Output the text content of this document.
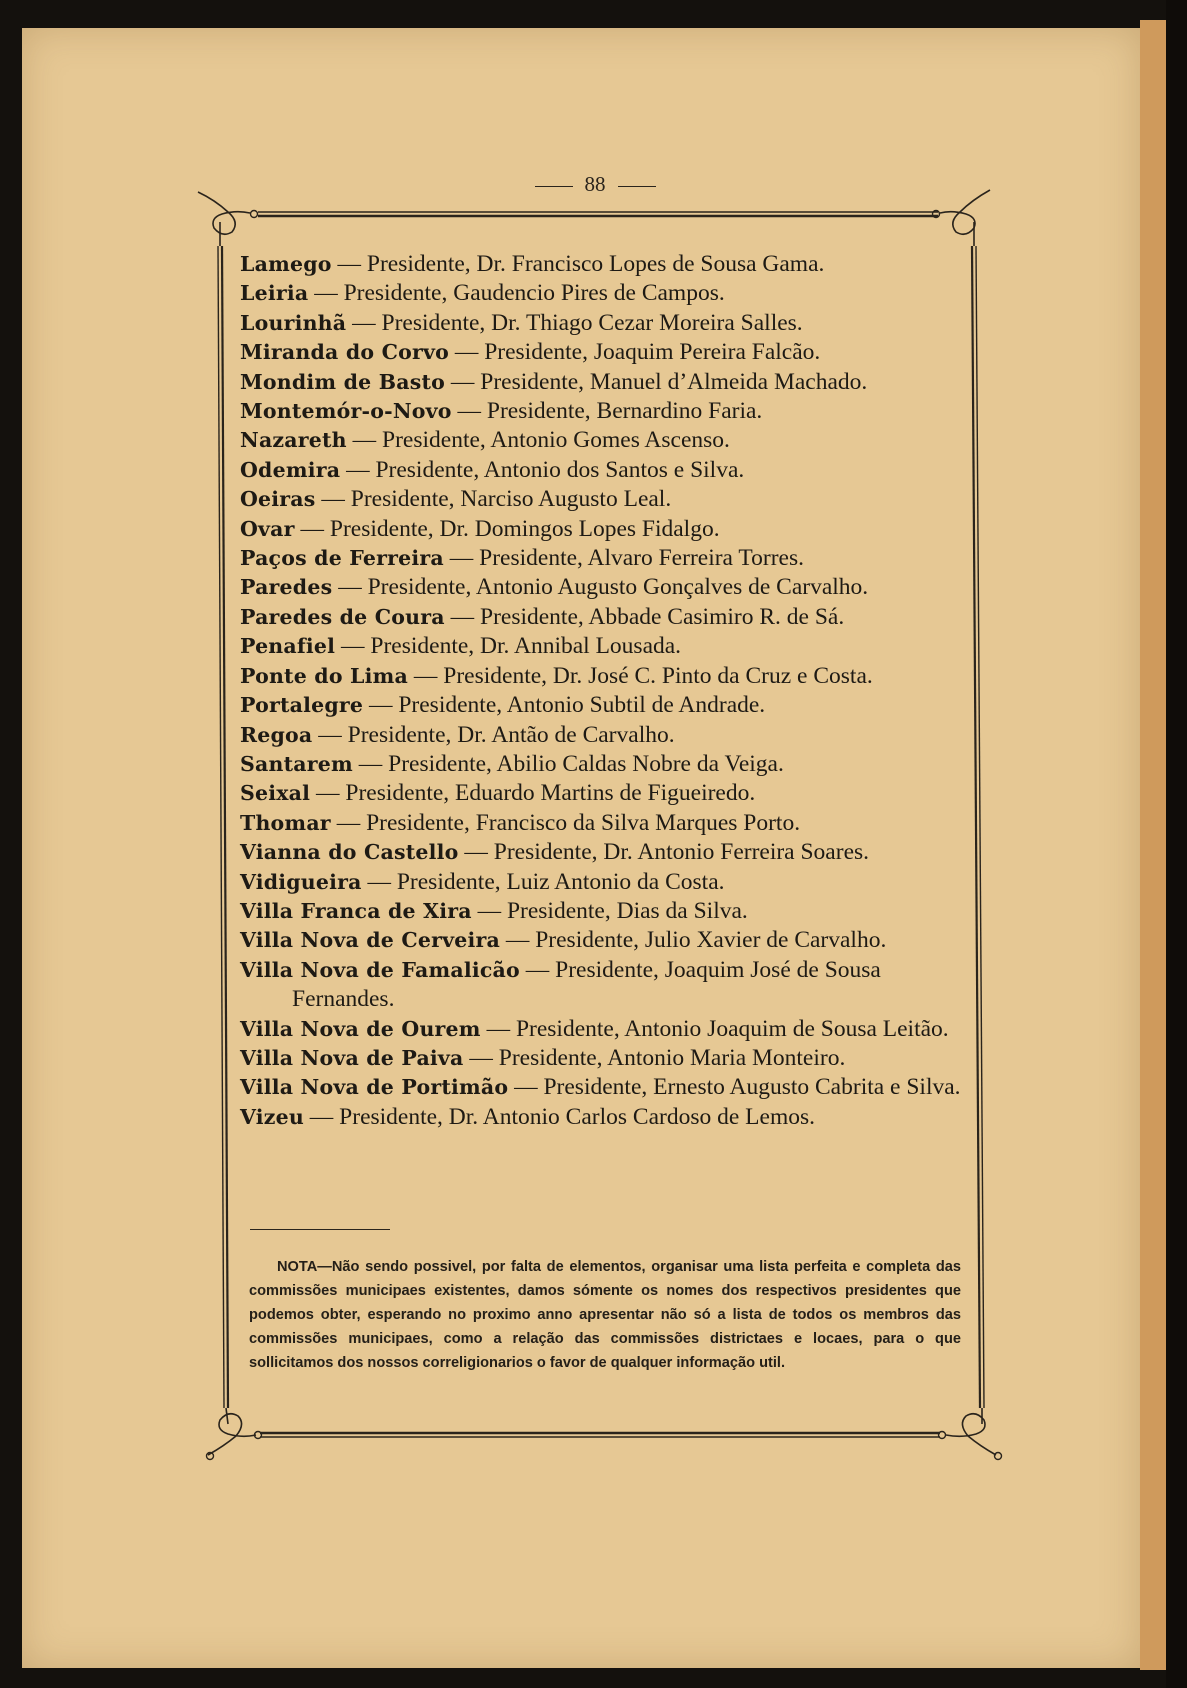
88
Lamego — Presidente, Dr. Francisco Lopes de Sousa Gama.
Leiria — Presidente, Gaudencio Pires de Campos.
Lourinhã — Presidente, Dr. Thiago Cezar Moreira Salles.
Miranda do Corvo — Presidente, Joaquim Pereira Falcão.
Mondim de Basto — Presidente, Manuel d’Almeida Machado.
Montemór-o-Novo — Presidente, Bernardino Faria.
Nazareth — Presidente, Antonio Gomes Ascenso.
Odemira — Presidente, Antonio dos Santos e Silva.
Oeiras — Presidente, Narciso Augusto Leal.
Ovar — Presidente, Dr. Domingos Lopes Fidalgo.
Paços de Ferreira — Presidente, Alvaro Ferreira Torres.
Paredes — Presidente, Antonio Augusto Gonçalves de Carvalho.
Paredes de Coura — Presidente, Abbade Casimiro R. de Sá.
Penafiel — Presidente, Dr. Annibal Lousada.
Ponte do Lima — Presidente, Dr. José C. Pinto da Cruz e Costa.
Portalegre — Presidente, Antonio Subtil de Andrade.
Regoa — Presidente, Dr. Antão de Carvalho.
Santarem — Presidente, Abilio Caldas Nobre da Veiga.
Seixal — Presidente, Eduardo Martins de Figueiredo.
Thomar — Presidente, Francisco da Silva Marques Porto.
Vianna do Castello — Presidente, Dr. Antonio Ferreira Soares.
Vidigueira — Presidente, Luiz Antonio da Costa.
Villa Franca de Xira — Presidente, Dias da Silva.
Villa Nova de Cerveira — Presidente, Julio Xavier de Carvalho.
Villa Nova de Famalicão — Presidente, Joaquim José de Sousa Fernandes.
Villa Nova de Ourem — Presidente, Antonio Joaquim de Sousa Leitão.
Villa Nova de Paiva — Presidente, Antonio Maria Monteiro.
Villa Nova de Portimão — Presidente, Ernesto Augusto Cabrita e Silva.
Vizeu — Presidente, Dr. Antonio Carlos Cardoso de Lemos.
NOTA—Não sendo possivel, por falta de elementos, organisar uma lista perfeita e completa das commissões municipaes existentes, damos sómente os nomes dos respectivos presidentes que podemos obter, esperando no proximo anno apresentar não só a lista de todos os membros das commissões municipaes, como a relação das commissões districtaes e locaes, para o que sollicitamos dos nossos correligionarios o favor de qualquer informação util.
